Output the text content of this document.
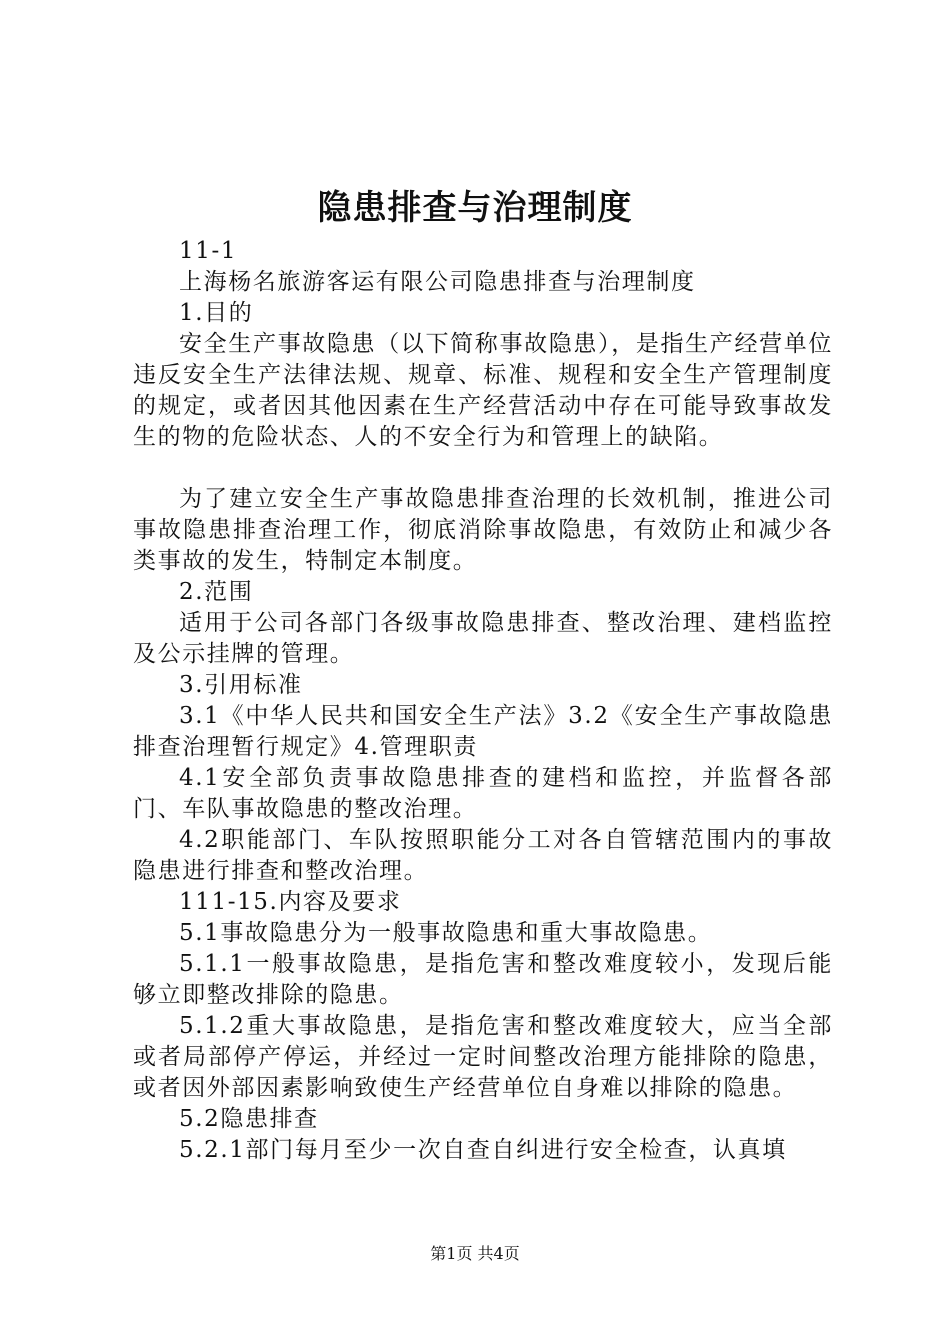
隐患排查与治理制度

11-1

上海杨名旅游客运有限公司隐患排查与治理制度

1.目的

安全生产事故隐患（以下简称事故隐患），是指生产经营单位违反安全生产法律法规、规章、标准、规程和安全生产管理制度的规定，或者因其他因素在生产经营活动中存在可能导致事故发生的物的危险状态、人的不安全行为和管理上的缺陷。

为了建立安全生产事故隐患排查治理的长效机制，推进公司事故隐患排查治理工作，彻底消除事故隐患，有效防止和减少各类事故的发生，特制定本制度。

2.范围

适用于公司各部门各级事故隐患排查、整改治理、建档监控及公示挂牌的管理。

3.引用标准

3.1《中华人民共和国安全生产法》3.2《安全生产事故隐患排查治理暂行规定》4.管理职责

4.1安全部负责事故隐患排查的建档和监控，并监督各部门、车队事故隐患的整改治理。

4.2职能部门、车队按照职能分工对各自管辖范围内的事故隐患进行排查和整改治理。

111-15.内容及要求

5.1事故隐患分为一般事故隐患和重大事故隐患。

5.1.1一般事故隐患，是指危害和整改难度较小，发现后能够立即整改排除的隐患。

5.1.2重大事故隐患，是指危害和整改难度较大，应当全部或者局部停产停运，并经过一定时间整改治理方能排除的隐患，或者因外部因素影响致使生产经营单位自身难以排除的隐患。

5.2隐患排查

5.2.1部门每月至少一次自查自纠进行安全检查，认真填

第1页 共4页
